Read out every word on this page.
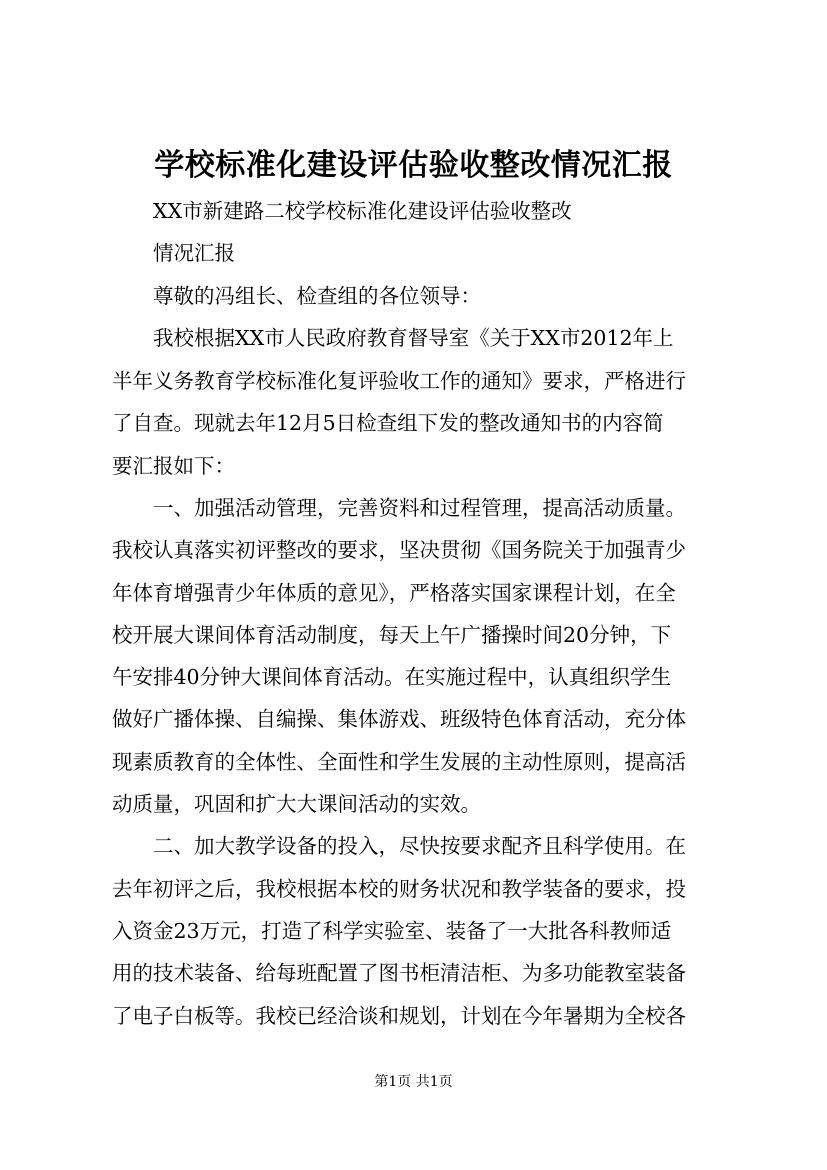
学校标准化建设评估验收整改情况汇报
XX市新建路二校学校标准化建设评估验收整改
情况汇报
尊敬的冯组长、检查组的各位领导：
我校根据XX市人民政府教育督导室《关于XX市2012年上
半年义务教育学校标准化复评验收工作的通知》要求，严格进行
了自查。现就去年12月5日检查组下发的整改通知书的内容简
要汇报如下：
一、加强活动管理，完善资料和过程管理，提高活动质量。
我校认真落实初评整改的要求，坚决贯彻《国务院关于加强青少
年体育增强青少年体质的意见》，严格落实国家课程计划，在全
校开展大课间体育活动制度，每天上午广播操时间20分钟，下
午安排40分钟大课间体育活动。在实施过程中，认真组织学生
做好广播体操、自编操、集体游戏、班级特色体育活动，充分体
现素质教育的全体性、全面性和学生发展的主动性原则，提高活
动质量，巩固和扩大大课间活动的实效。
二、加大教学设备的投入，尽快按要求配齐且科学使用。在
去年初评之后，我校根据本校的财务状况和教学装备的要求，投
入资金23万元，打造了科学实验室、装备了一大批各科教师适
用的技术装备、给每班配置了图书柜清洁柜、为多功能教室装备
了电子白板等。我校已经洽谈和规划，计划在今年暑期为全校各
第1页 共1页
